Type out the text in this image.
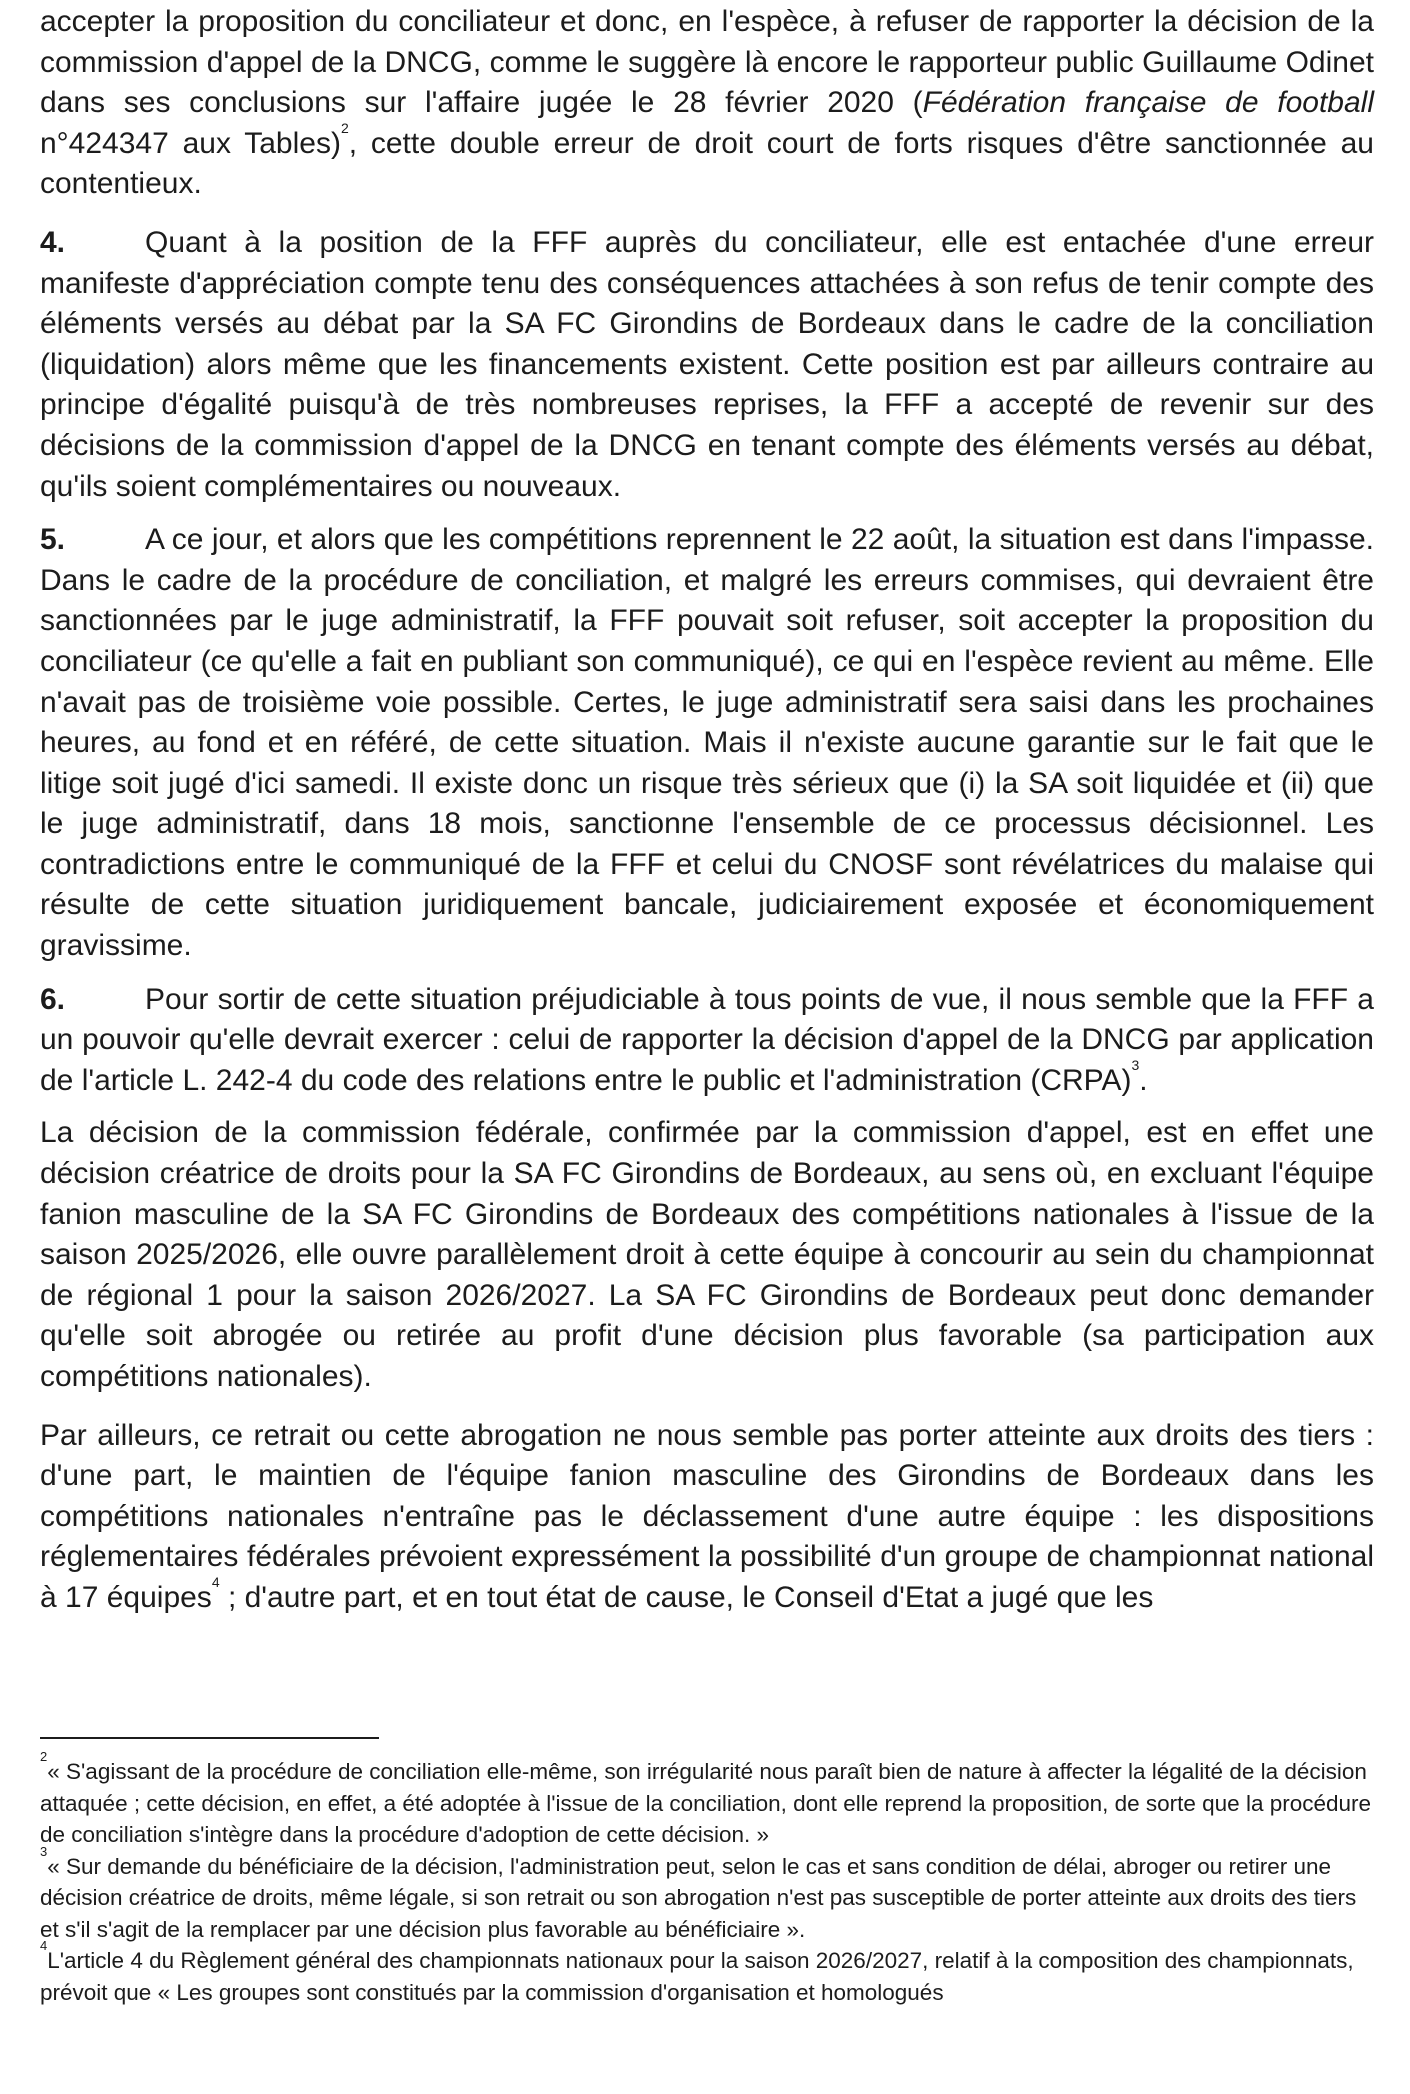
accepter la proposition du conciliateur et donc, en l'espèce, à refuser de rapporter la décision de la commission d'appel de la DNCG, comme le suggère là encore le rapporteur public Guillaume Odinet dans ses conclusions sur l'affaire jugée le 28 février 2020 (Fédération française de football n°424347 aux Tables)$^2$, cette double erreur de droit court de forts risques d'être sanctionnée au contentieux.

4.	Quant à la position de la FFF auprès du conciliateur, elle est entachée d'une erreur manifeste d'appréciation compte tenu des conséquences attachées à son refus de tenir compte des éléments versés au débat par la SA FC Girondins de Bordeaux dans le cadre de la conciliation (liquidation) alors même que les financements existent. Cette position est par ailleurs contraire au principe d'égalité puisqu'à de très nombreuses reprises, la FFF a accepté de revenir sur des décisions de la commission d'appel de la DNCG en tenant compte des éléments versés au débat, qu'ils soient complémentaires ou nouveaux.

5.	A ce jour, et alors que les compétitions reprennent le 22 août, la situation est dans l'impasse. Dans le cadre de la procédure de conciliation, et malgré les erreurs commises, qui devraient être sanctionnées par le juge administratif, la FFF pouvait soit refuser, soit accepter la proposition du conciliateur (ce qu'elle a fait en publiant son communiqué), ce qui en l'espèce revient au même. Elle n'avait pas de troisième voie possible. Certes, le juge administratif sera saisi dans les prochaines heures, au fond et en référé, de cette situation. Mais il n'existe aucune garantie sur le fait que le litige soit jugé d'ici samedi. Il existe donc un risque très sérieux que (i) la SA soit liquidée et (ii) que le juge administratif, dans 18 mois, sanctionne l'ensemble de ce processus décisionnel. Les contradictions entre le communiqué de la FFF et celui du CNOSF sont révélatrices du malaise qui résulte de cette situation juridiquement bancale, judiciairement exposée et économiquement gravissime.

6.	Pour sortir de cette situation préjudiciable à tous points de vue, il nous semble que la FFF a un pouvoir qu'elle devrait exercer : celui de rapporter la décision d'appel de la DNCG par application de l'article L. 242-4 du code des relations entre le public et l'administration (CRPA)$^3$.

La décision de la commission fédérale, confirmée par la commission d'appel, est en effet une décision créatrice de droits pour la SA FC Girondins de Bordeaux, au sens où, en excluant l'équipe fanion masculine de la SA FC Girondins de Bordeaux des compétitions nationales à l'issue de la saison 2025/2026, elle ouvre parallèlement droit à cette équipe à concourir au sein du championnat de régional 1 pour la saison 2026/2027. La SA FC Girondins de Bordeaux peut donc demander qu'elle soit abrogée ou retirée au profit d'une décision plus favorable (sa participation aux compétitions nationales).

Par ailleurs, ce retrait ou cette abrogation ne nous semble pas porter atteinte aux droits des tiers : d'une part, le maintien de l'équipe fanion masculine des Girondins de Bordeaux dans les compétitions nationales n'entraîne pas le déclassement d'une autre équipe : les dispositions réglementaires fédérales prévoient expressément la possibilité d'un groupe de championnat national à 17 équipes$^4$ ; d'autre part, et en tout état de cause, le Conseil d'Etat a jugé que les

$^2$« S'agissant de la procédure de conciliation elle-même, son irrégularité nous paraît bien de nature à affecter la légalité de la décision attaquée ; cette décision, en effet, a été adoptée à l'issue de la conciliation, dont elle reprend la proposition, de sorte que la procédure de conciliation s'intègre dans la procédure d'adoption de cette décision. »

$^3$« Sur demande du bénéficiaire de la décision, l'administration peut, selon le cas et sans condition de délai, abroger ou retirer une décision créatrice de droits, même légale, si son retrait ou son abrogation n'est pas susceptible de porter atteinte aux droits des tiers et s'il s'agit de la remplacer par une décision plus favorable au bénéficiaire ».

$^4$L'article 4 du Règlement général des championnats nationaux pour la saison 2026/2027, relatif à la composition des championnats, prévoit que « Les groupes sont constitués par la commission d'organisation et homologués
